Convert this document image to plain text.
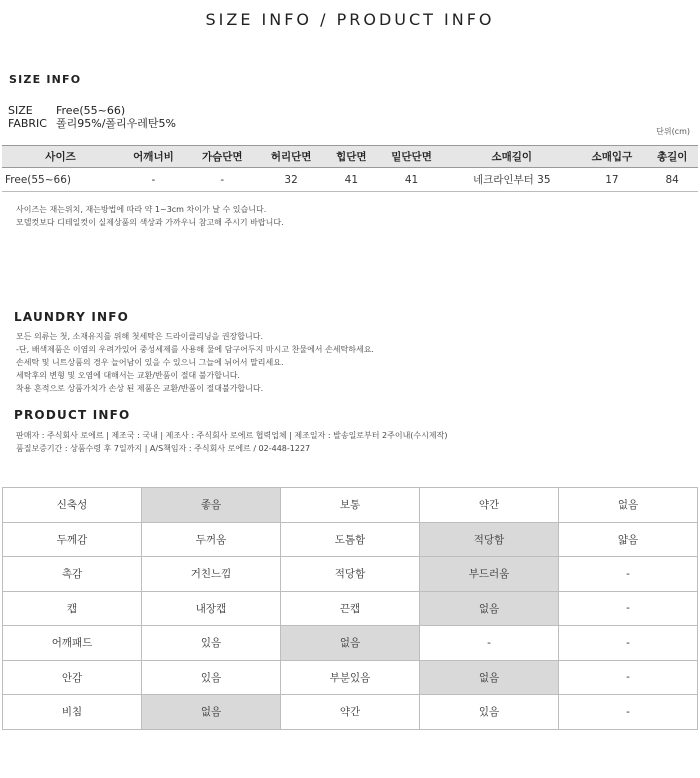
SIZE INFO / PRODUCT INFO
SIZE INFO
SIZE Free(55~66)
FABRIC 폴리95%/폴리우레탄5%
단위(cm)
사이즈	어깨너비	가슴단면	허리단면	힙단면	밑단단면	소매길이	소매입구	총길이
Free(55~66)	-	-	32	41	41	네크라인부터 35	17	84
사이즈는 재는위치, 재는방법에 따라 약 1~3cm 차이가 날 수 있습니다.
모델컷보다 디테일컷이 실제상품의 색상과 가까우니 참고해 주시기 바랍니다.
LAUNDRY INFO
모든 의류는 첫, 소재유지를 위해 첫세탁은 드라이클리닝을 권장합니다.
-단, 배색제품은 이염의 우려가있어 중성세제를 사용해 물에 담구어두지 마시고 찬물에서 손세탁하세요.
손세탁 및 니트상품의 경우 늘어남이 있을 수 있으니 그늘에 뉘어서 말리세요.
세탁후의 변형 및 오염에 대해서는 교환/반품이 절대 불가합니다.
착용 흔적으로 상품가치가 손상 된 제품은 교환/반품이 절대불가합니다.
PRODUCT INFO
판매자 : 주식회사 로에르 | 제조국 : 국내 | 제조사 : 주식회사 로에르 협력업체 | 제조일자 : 발송일로부터 2주이내(수시제작)
품질보증기간 : 상품수령 후 7일까지 | A/S책임자 : 주식회사 로에르 / 02-448-1227
신축성	좋음	보통	약간	없음
두께감	두꺼움	도톰함	적당함	얇음
촉감	거친느낌	적당함	부드러움	-
캡	내장캡	끈캡	없음	-
어깨패드	있음	없음	-	-
안감	있음	부분있음	없음	-
비침	없음	약간	있음	-
